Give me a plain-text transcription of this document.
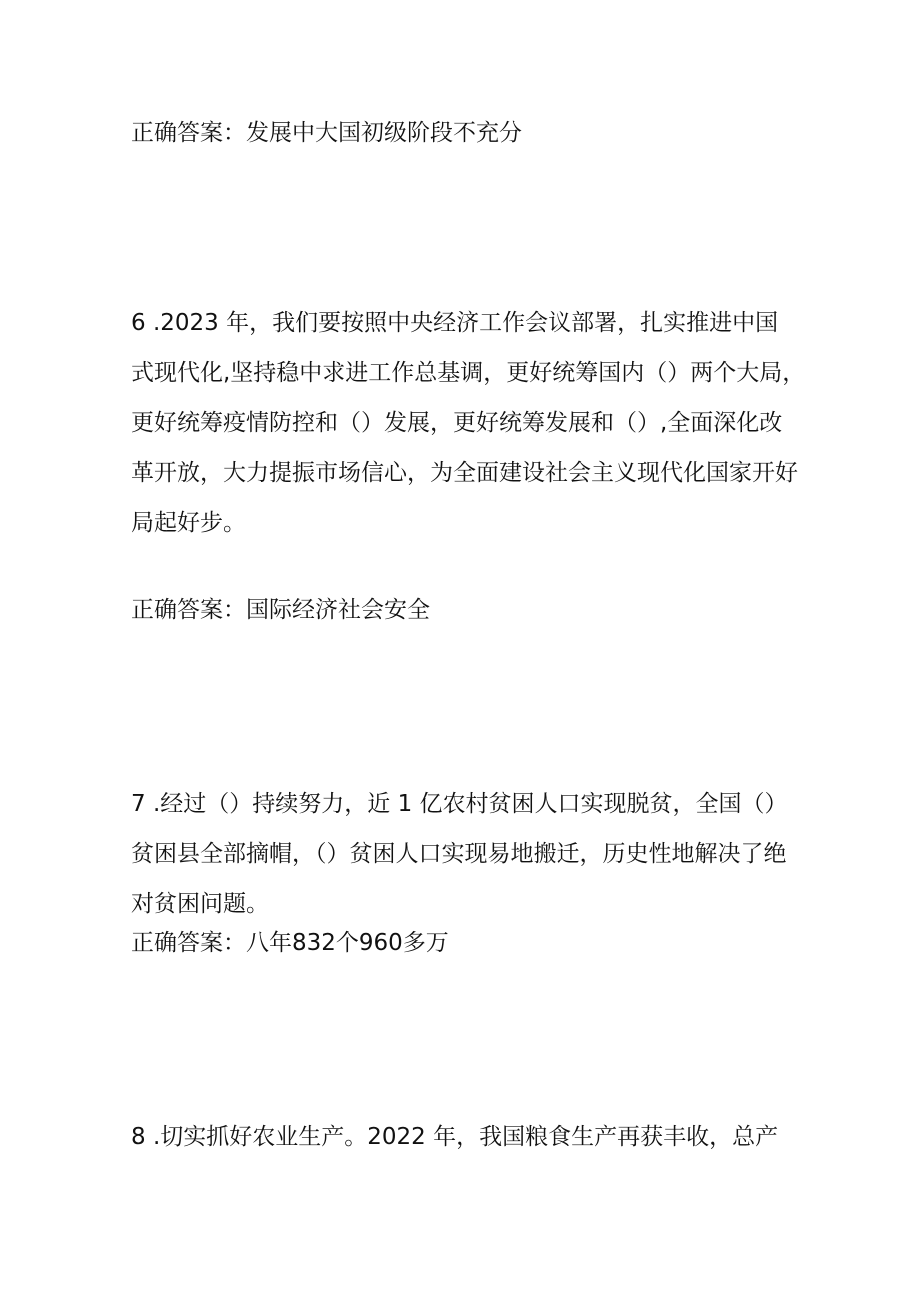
正确答案：发展中大国初级阶段不充分
6 .2023 年，我们要按照中央经济工作会议部署，扎实推进中国
式现代化,坚持稳中求进工作总基调，更好统筹国内（）两个大局，
更好统筹疫情防控和（）发展，更好统筹发展和（）,全面深化改
革开放，大力提振市场信心，为全面建设社会主义现代化国家开好
局起好步。
正确答案：国际经济社会安全
7 .经过（）持续努力，近 1 亿农村贫困人口实现脱贫，全国（）
贫困县全部摘帽，（）贫困人口实现易地搬迁，历史性地解决了绝
对贫困问题。
正确答案：八年832个960多万
8 .切实抓好农业生产。2022 年，我国粮食生产再获丰收，总产
